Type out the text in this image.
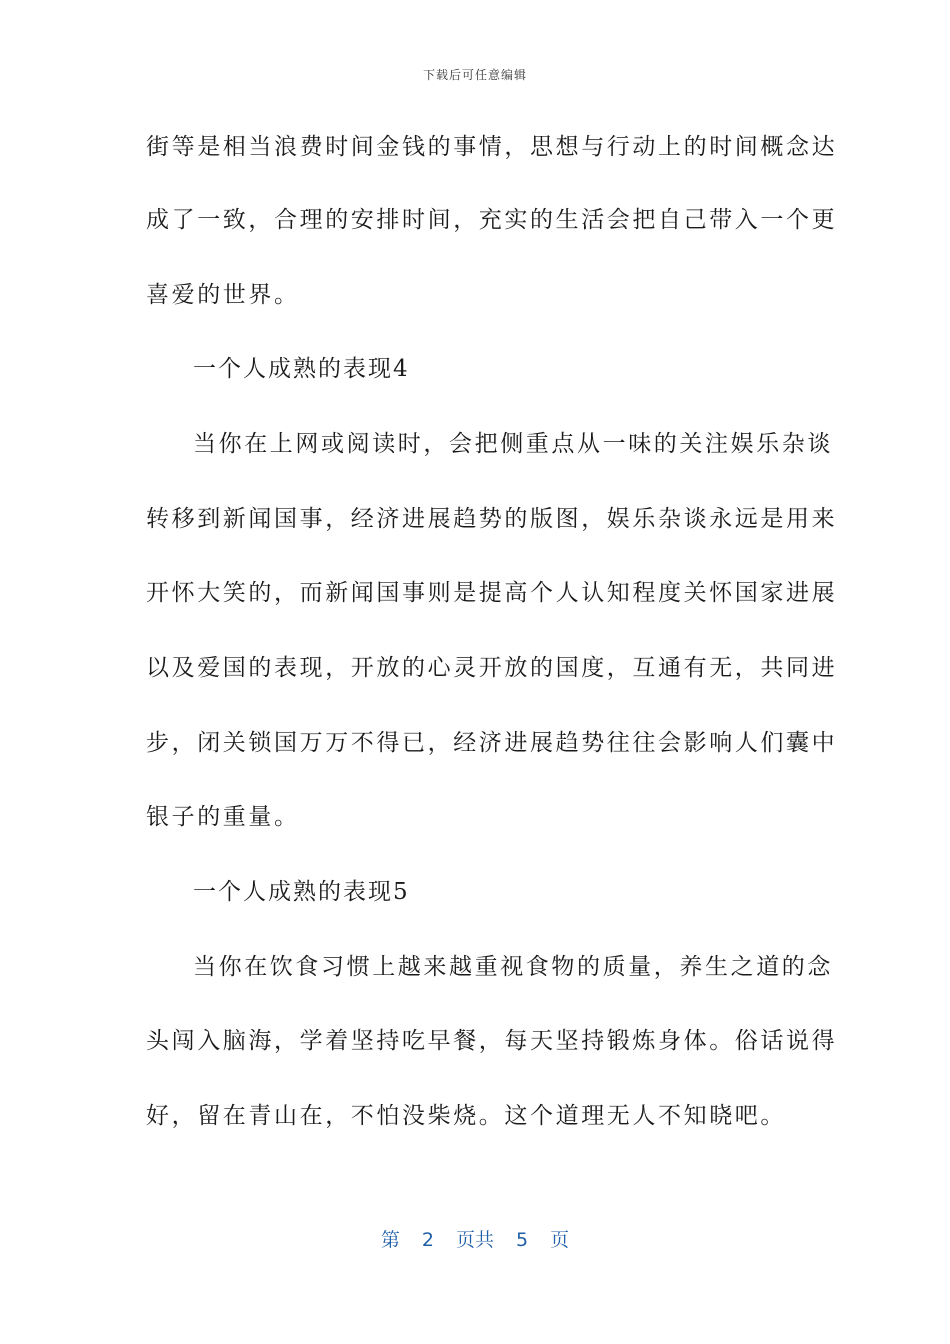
下载后可任意编辑
街等是相当浪费时间金钱的事情，思想与行动上的时间概念达
成了一致，合理的安排时间，充实的生活会把自己带入一个更
喜爱的世界。
一个人成熟的表现4
当你在上网或阅读时，会把侧重点从一味的关注娱乐杂谈
转移到新闻国事，经济进展趋势的版图，娱乐杂谈永远是用来
开怀大笑的，而新闻国事则是提高个人认知程度关怀国家进展
以及爱国的表现，开放的心灵开放的国度，互通有无，共同进
步，闭关锁国万万不得已，经济进展趋势往往会影响人们囊中
银子的重量。
一个人成熟的表现5
当你在饮食习惯上越来越重视食物的质量，养生之道的念
头闯入脑海，学着坚持吃早餐，每天坚持锻炼身体。俗话说得
好，留在青山在，不怕没柴烧。这个道理无人不知晓吧。
第 2 页共 5 页
